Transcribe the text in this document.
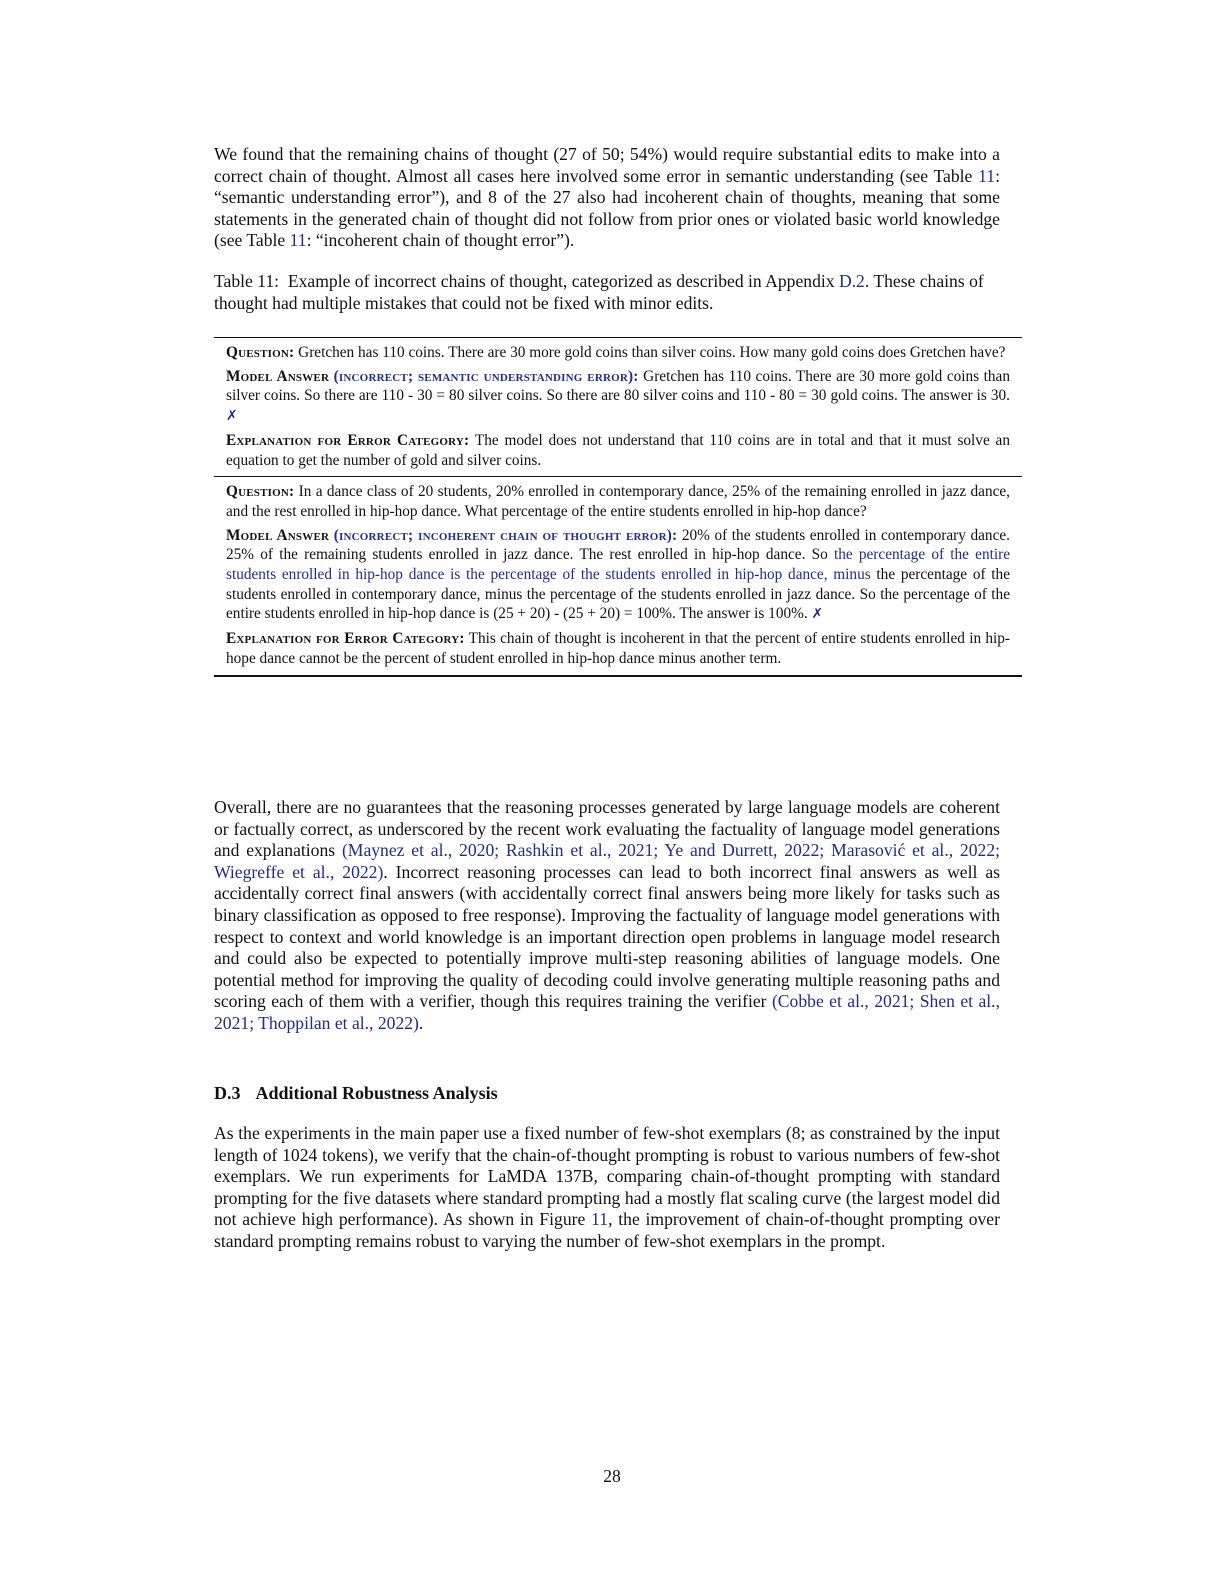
We found that the remaining chains of thought (27 of 50; 54%) would require substantial edits to make into a correct chain of thought. Almost all cases here involved some error in semantic understanding (see Table 11: “semantic understanding error”), and 8 of the 27 also had incoherent chain of thoughts, meaning that some statements in the generated chain of thought did not follow from prior ones or violated basic world knowledge (see Table 11: “incoherent chain of thought error”).

Table 11: Example of incorrect chains of thought, categorized as described in Appendix D.2. These chains of thought had multiple mistakes that could not be fixed with minor edits.

Question: Gretchen has 110 coins. There are 30 more gold coins than silver coins. How many gold coins does Gretchen have?

Model Answer (incorrect; semantic understanding error): Gretchen has 110 coins. There are 30 more gold coins than silver coins. So there are 110 - 30 = 80 silver coins. So there are 80 silver coins and 110 - 80 = 30 gold coins. The answer is 30. ✗

Explanation for Error Category: The model does not understand that 110 coins are in total and that it must solve an equation to get the number of gold and silver coins.

Question: In a dance class of 20 students, 20% enrolled in contemporary dance, 25% of the remaining enrolled in jazz dance, and the rest enrolled in hip-hop dance. What percentage of the entire students enrolled in hip-hop dance?

Model Answer (incorrect; incoherent chain of thought error): 20% of the students enrolled in contemporary dance. 25% of the remaining students enrolled in jazz dance. The rest enrolled in hip-hop dance. So the percentage of the entire students enrolled in hip-hop dance is the percentage of the students enrolled in hip-hop dance, minus the percentage of the students enrolled in contemporary dance, minus the percentage of the students enrolled in jazz dance. So the percentage of the entire students enrolled in hip-hop dance is (25 + 20) - (25 + 20) = 100%. The answer is 100%. ✗

Explanation for Error Category: This chain of thought is incoherent in that the percent of entire students enrolled in hip-hope dance cannot be the percent of student enrolled in hip-hop dance minus another term.

Overall, there are no guarantees that the reasoning processes generated by large language models are coherent or factually correct, as underscored by the recent work evaluating the factuality of language model generations and explanations (Maynez et al., 2020; Rashkin et al., 2021; Ye and Durrett, 2022; Marasović et al., 2022; Wiegreffe et al., 2022). Incorrect reasoning processes can lead to both incorrect final answers as well as accidentally correct final answers (with accidentally correct final answers being more likely for tasks such as binary classification as opposed to free response). Improving the factuality of language model generations with respect to context and world knowledge is an important direction open problems in language model research and could also be expected to potentially improve multi-step reasoning abilities of language models. One potential method for improving the quality of decoding could involve generating multiple reasoning paths and scoring each of them with a verifier, though this requires training the verifier (Cobbe et al., 2021; Shen et al., 2021; Thoppilan et al., 2022).

D.3 Additional Robustness Analysis

As the experiments in the main paper use a fixed number of few-shot exemplars (8; as constrained by the input length of 1024 tokens), we verify that the chain-of-thought prompting is robust to various numbers of few-shot exemplars. We run experiments for LaMDA 137B, comparing chain-of-thought prompting with standard prompting for the five datasets where standard prompting had a mostly flat scaling curve (the largest model did not achieve high performance). As shown in Figure 11, the improvement of chain-of-thought prompting over standard prompting remains robust to varying the number of few-shot exemplars in the prompt.

28
